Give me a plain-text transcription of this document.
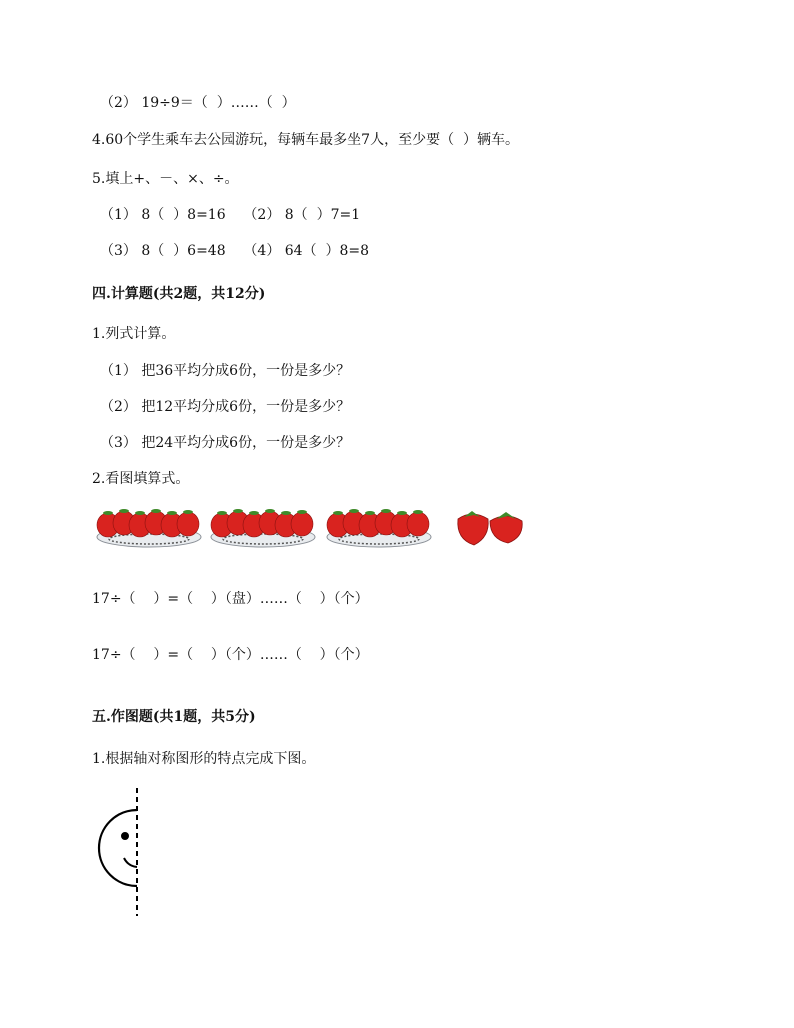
（2） 19÷9＝（  ）……（  ）
4.60个学生乘车去公园游玩，每辆车最多坐7人，至少要（  ）辆车。
5.填上+、－、×、÷。
（1） 8（  ）8=16    （2） 8（  ）7=1
（3） 8（  ）6=48    （4） 64（  ）8=8
四.计算题(共2题，共12分)
1.列式计算。
（1） 把36平均分成6份，一份是多少？
（2） 把12平均分成6份，一份是多少？
（3） 把24平均分成6份，一份是多少？
2.看图填算式。
17÷（    ）=（    ）（盘）……（    ）（个）
17÷（    ）=（    ）（个）……（    ）（个）
五.作图题(共1题，共5分)
1.根据轴对称图形的特点完成下图。
